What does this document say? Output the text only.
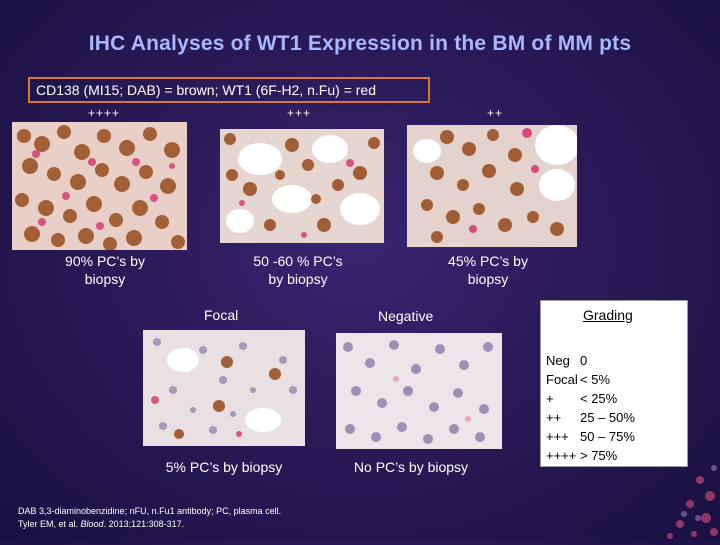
IHC Analyses of WT1 Expression in the BM of MM pts
CD138 (MI15; DAB) = brown; WT1 (6F-H2, n.Fu) = red
++++	+++	++
90% PC’s by
biopsy
50 -60 % PC’s
by biopsy
45% PC’s by
biopsy
Focal	Negative
5% PC’s by biopsy	No PC’s by biopsy
Grading
Neg 0
Focal < 5%
+ < 25%
++ 25 – 50%
+++ 50 – 75%
++++ > 75%
DAB 3,3-diaminobenzidine; nFU, n.Fu1 antibody; PC, plasma cell.
Tyler EM, et al. Blood. 2013;121:308-317.
